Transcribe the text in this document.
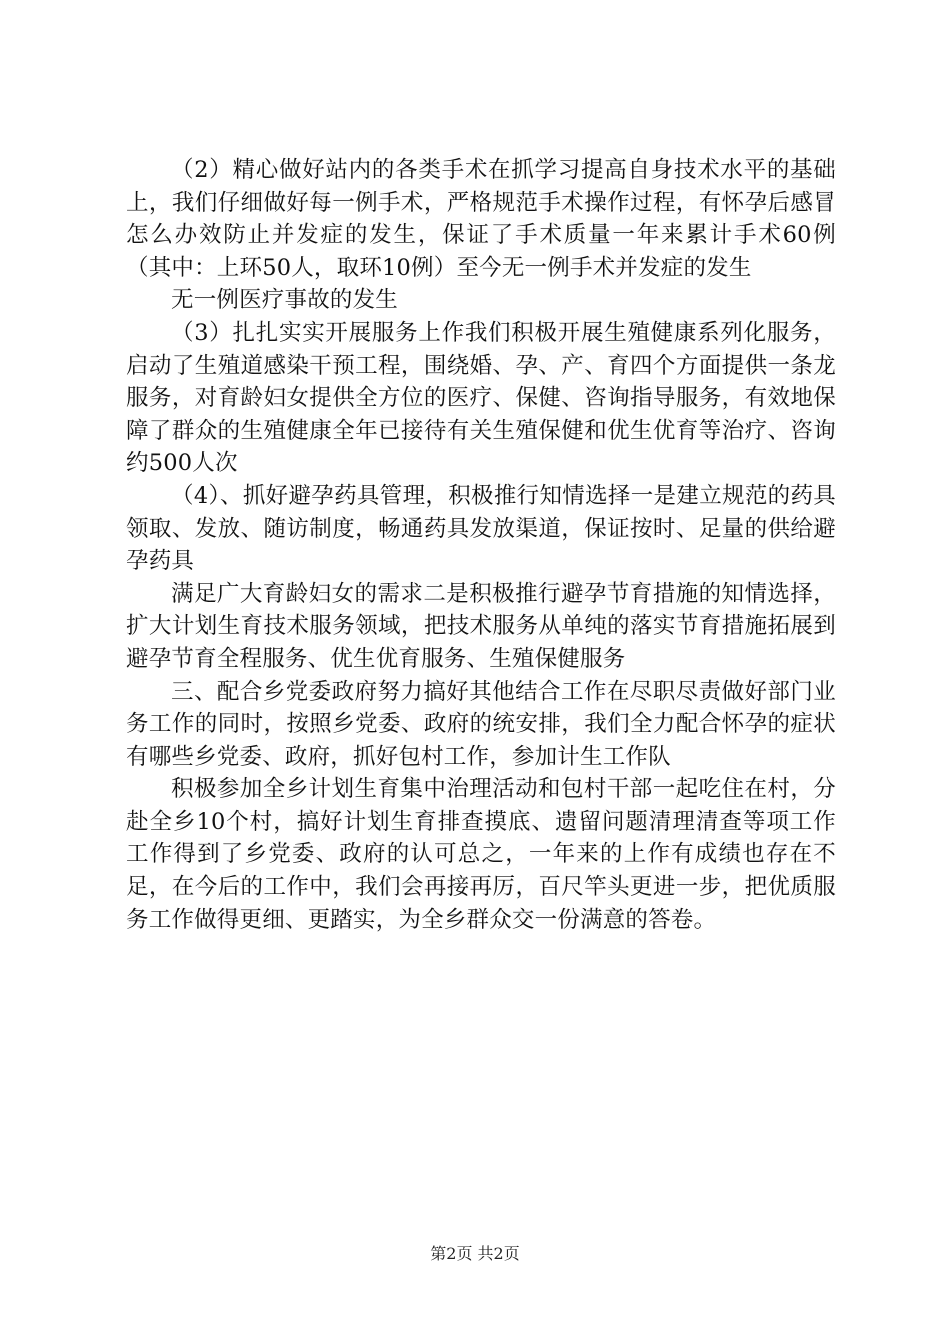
（2）精心做好站内的各类手术在抓学习提高自身技术水平的基础上，我们仔细做好每一例手术，严格规范手术操作过程，有怀孕后感冒怎么办效防止并发症的发生，保证了手术质量一年来累计手术60例（其中：上环50人，取环10例）至今无一例手术并发症的发生

无一例医疗事故的发生

（3）扎扎实实开展服务上作我们积极开展生殖健康系列化服务，启动了生殖道感染干预工程，围绕婚、孕、产、育四个方面提供一条龙服务，对育龄妇女提供全方位的医疗、保健、咨询指导服务，有效地保障了群众的生殖健康全年已接待有关生殖保健和优生优育等治疗、咨询约500人次

（4）、抓好避孕药具管理，积极推行知情选择一是建立规范的药具领取、发放、随访制度，畅通药具发放渠道，保证按时、足量的供给避孕药具

满足广大育龄妇女的需求二是积极推行避孕节育措施的知情选择，扩大计划生育技术服务领域，把技术服务从单纯的落实节育措施拓展到避孕节育全程服务、优生优育服务、生殖保健服务

三、配合乡党委政府努力搞好其他结合工作在尽职尽责做好部门业务工作的同时，按照乡党委、政府的统安排，我们全力配合怀孕的症状有哪些乡党委、政府，抓好包村工作，参加计生工作队

积极参加全乡计划生育集中治理活动和包村干部一起吃住在村，分赴全乡10个村，搞好计划生育排查摸底、遗留问题清理清查等项工作工作得到了乡党委、政府的认可总之，一年来的上作有成绩也存在不足，在今后的工作中，我们会再接再厉，百尺竿头更进一步，把优质服务工作做得更细、更踏实，为全乡群众交一份满意的答卷。

第2页 共2页
